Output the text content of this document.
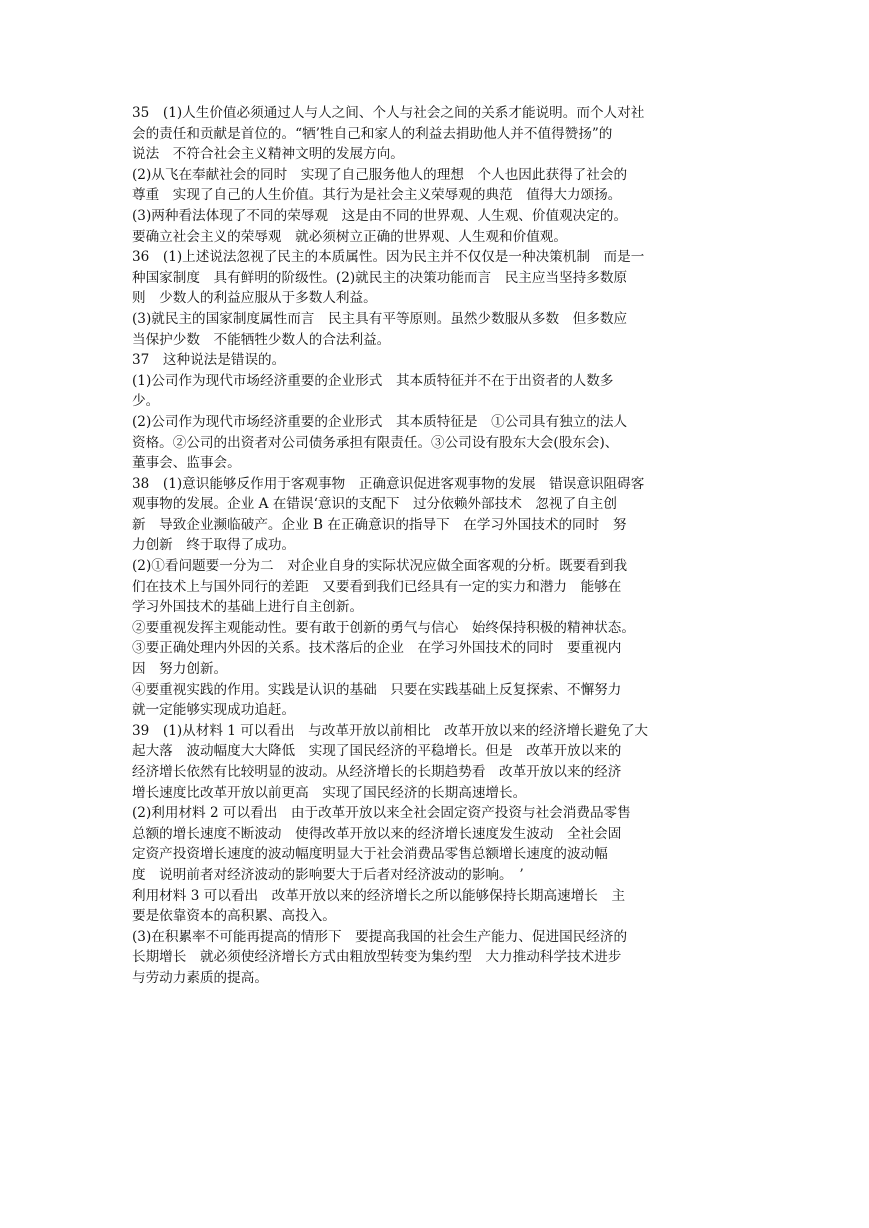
35　(1)人生价值必须通过人与人之间、个人与社会之间的关系才能说明。而个人对社
会的责任和贡献是首位的。“牺’牲自己和家人的利益去捐助他人并不值得赞扬”的
说法　不符合社会主义精神文明的发展方向。
(2)从飞在奉献社会的同时　实现了自己服务他人的理想　个人也因此获得了社会的
尊重　实现了自己的人生价值。其行为是社会主义荣辱观的典范　值得大力颂扬。
(3)两种看法体现了不同的荣辱观　这是由不同的世界观、人生观、价值观决定的。
要确立社会主义的荣辱观　就必须树立正确的世界观、人生观和价值观。
36　(1)上述说法忽视了民主的本质属性。因为民主并不仅仅是一种决策机制　而是一
种国家制度　具有鲜明的阶级性。(2)就民主的决策功能而言　民主应当坚持多数原
则　少数人的利益应服从于多数人利益。
(3)就民主的国家制度属性而言　民主具有平等原则。虽然少数服从多数　但多数应
当保护少数　不能牺牲少数人的合法利益。
37　这种说法是错误的。
(1)公司作为现代市场经济重要的企业形式　其本质特征并不在于出资者的人数多
少。
(2)公司作为现代市场经济重要的企业形式　其本质特征是　①公司具有独立的法人
资格。②公司的出资者对公司债务承担有限责任。③公司设有股东大会(股东会)、
董事会、监事会。
38　(1)意识能够反作用于客观事物　正确意识促进客观事物的发展　错误意识阻碍客
观事物的发展。企业 A 在错误‘意识的支配下　过分依赖外部技术　忽视了自主创
新　导致企业濒临破产。企业 B 在正确意识的指导下　在学习外国技术的同时　努
力创新　终于取得了成功。
(2)①看问题要一分为二　对企业自身的实际状况应做全面客观的分析。既要看到我
们在技术上与国外同行的差距　又要看到我们已经具有一定的实力和潜力　能够在
学习外国技术的基础上进行自主创新。
②要重视发挥主观能动性。要有敢于创新的勇气与信心　始终保持积极的精神状态。
③要正确处理内外因的关系。技术落后的企业　在学习外国技术的同时　要重视内
因　努力创新。
④要重视实践的作用。实践是认识的基础　只要在实践基础上反复探索、不懈努力
就一定能够实现成功追赶。
39　(1)从材料 1 可以看出　与改革开放以前相比　改革开放以来的经济增长避免了大
起大落　波动幅度大大降低　实现了国民经济的平稳增长。但是　改革开放以来的
经济增长依然有比较明显的波动。从经济增长的长期趋势看　改革开放以来的经济
增长速度比改革开放以前更高　实现了国民经济的长期高速增长。
(2)利用材料 2 可以看出　由于改革开放以来全社会固定资产投资与社会消费品零售
总额的增长速度不断波动　使得改革开放以来的经济增长速度发生波动　全社会固
定资产投资增长速度的波动幅度明显大于社会消费品零售总额增长速度的波动幅
度　说明前者对经济波动的影响要大于后者对经济波动的影响。　’
利用材料 3 可以看出　改革开放以来的经济增长之所以能够保持长期高速增长　主
要是依靠资本的高积累、高投入。
(3)在积累率不可能再提高的情形下　要提高我国的社会生产能力、促进国民经济的
长期增长　就必须使经济增长方式由粗放型转变为集约型　大力推动科学技术进步
与劳动力素质的提高。
